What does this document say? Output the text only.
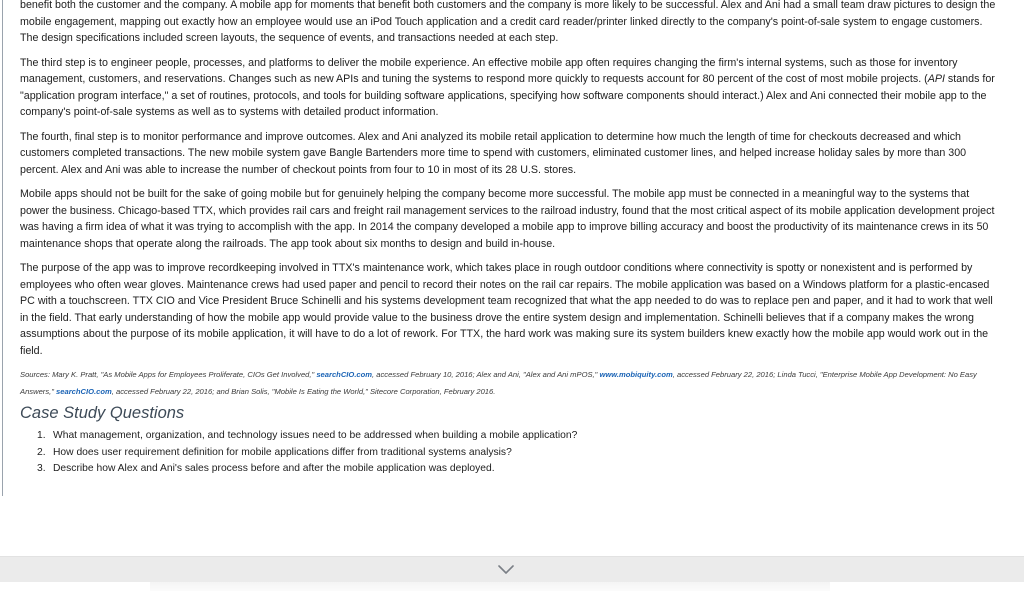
benefit both the customer and the company. A mobile app for moments that benefit both customers and the company is more likely to be successful. Alex and Ani had a small team draw pictures to design the mobile engagement, mapping out exactly how an employee would use an iPod Touch application and a credit card reader/printer linked directly to the company's point-of-sale system to engage customers. The design specifications included screen layouts, the sequence of events, and transactions needed at each step.

The third step is to engineer people, processes, and platforms to deliver the mobile experience. An effective mobile app often requires changing the firm's internal systems, such as those for inventory management, customers, and reservations. Changes such as new APIs and tuning the systems to respond more quickly to requests account for 80 percent of the cost of most mobile projects. (API stands for "application program interface," a set of routines, protocols, and tools for building software applications, specifying how software components should interact.) Alex and Ani connected their mobile app to the company's point-of-sale systems as well as to systems with detailed product information.

The fourth, final step is to monitor performance and improve outcomes. Alex and Ani analyzed its mobile retail application to determine how much the length of time for checkouts decreased and which customers completed transactions. The new mobile system gave Bangle Bartenders more time to spend with customers, eliminated customer lines, and helped increase holiday sales by more than 300 percent. Alex and Ani was able to increase the number of checkout points from four to 10 in most of its 28 U.S. stores.

Mobile apps should not be built for the sake of going mobile but for genuinely helping the company become more successful. The mobile app must be connected in a meaningful way to the systems that power the business. Chicago-based TTX, which provides rail cars and freight rail management services to the railroad industry, found that the most critical aspect of its mobile application development project was having a firm idea of what it was trying to accomplish with the app. In 2014 the company developed a mobile app to improve billing accuracy and boost the productivity of its maintenance crews in its 50 maintenance shops that operate along the railroads. The app took about six months to design and build in-house.

The purpose of the app was to improve recordkeeping involved in TTX's maintenance work, which takes place in rough outdoor conditions where connectivity is spotty or nonexistent and is performed by employees who often wear gloves. Maintenance crews had used paper and pencil to record their notes on the rail car repairs. The mobile application was based on a Windows platform for a plastic-encased PC with a touchscreen. TTX CIO and Vice President Bruce Schinelli and his systems development team recognized that what the app needed to do was to replace pen and paper, and it had to work that well in the field. That early understanding of how the mobile app would provide value to the business drove the entire system design and implementation. Schinelli believes that if a company makes the wrong assumptions about the purpose of its mobile application, it will have to do a lot of rework. For TTX, the hard work was making sure its system builders knew exactly how the mobile app would work out in the field.

Sources: Mary K. Pratt, "As Mobile Apps for Employees Proliferate, CIOs Get Involved," searchCIO.com, accessed February 10, 2016; Alex and Ani, "Alex and Ani mPOS," www.mobiquity.com, accessed February 22, 2016; Linda Tucci, "Enterprise Mobile App Development: No Easy Answers," searchCIO.com, accessed February 22, 2016; and Brian Solis, "Mobile Is Eating the World," Sitecore Corporation, February 2016.

Case Study Questions
1. What management, organization, and technology issues need to be addressed when building a mobile application?
2. How does user requirement definition for mobile applications differ from traditional systems analysis?
3. Describe how Alex and Ani's sales process before and after the mobile application was deployed.
